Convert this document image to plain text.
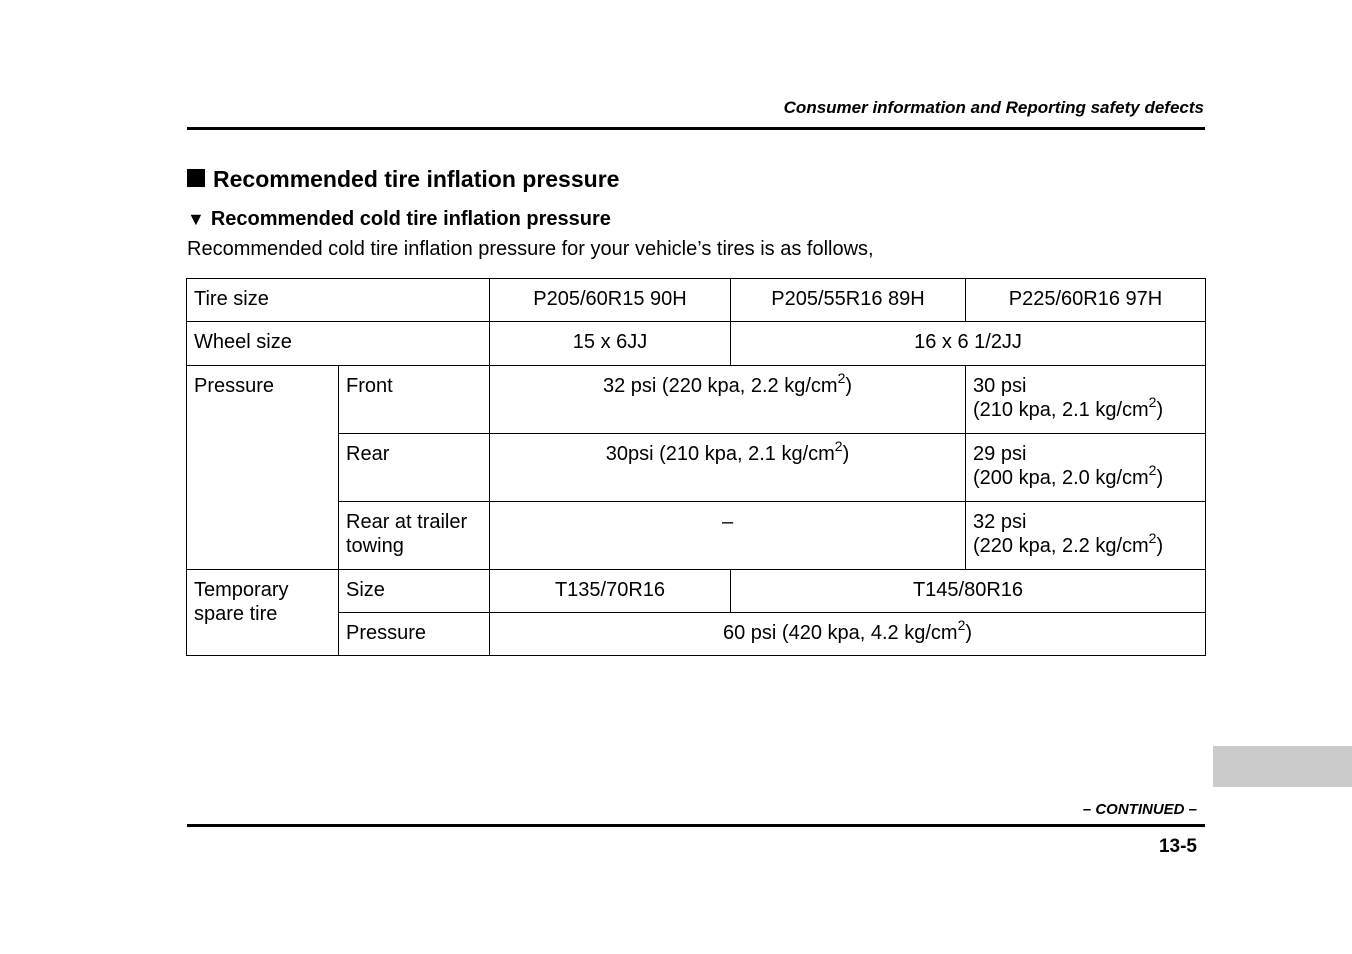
Consumer information and Reporting safety defects
Recommended tire inflation pressure
▼ Recommended cold tire inflation pressure
Recommended cold tire inflation pressure for your vehicle’s tires is as follows,
Tire size		P205/60R15 90H	P205/55R16 89H	P225/60R16 97H
Wheel size		15 x 6JJ	16 x 6 1/2JJ	
Pressure	Front	32 psi (220 kpa, 2.2 $kg/cm^2$)		30 psi
(210 kpa, 2.1 $kg/cm^2$)
	Rear	30psi (210 kpa, 2.1 $kg/cm^2$)		29 psi
(200 kpa, 2.0 $kg/cm^2$)
	Rear at trailer
towing	–		32 psi
(220 kpa, 2.2 $kg/cm^2$)
Temporary
spare tire	Size	T135/70R16	T145/80R16	
	Pressure	60 psi (420 kpa, 4.2 $kg/cm^2$)		
– CONTINUED –
13-5
